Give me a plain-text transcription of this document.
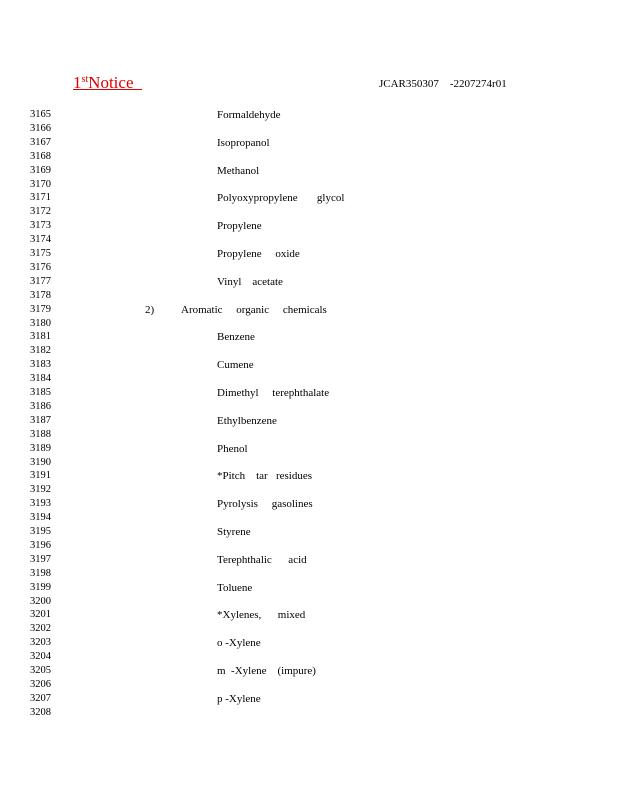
1stNotice	JCAR350307    -2207274r01
3165
3166
3167
3168
3169
3170
3171
3172
3173
3174
3175
3176
3177
3178
3179
3180
3181
3182
3183
3184
3185
3186
3187
3188
3189
3190
3191
3192
3193
3194
3195
3196
3197
3198
3199
3200
3201
3202
3203
3204
3205
3206
3207
3208
Formaldehyde
Isopropanol
Methanol
Polyoxypropylene       glycol
Propylene
Propylene     oxide
Vinyl    acetate
2) Aromatic     organic     chemicals
Benzene
Cumene
Dimethyl     terephthalate
Ethylbenzene
Phenol
*Pitch    tar   residues
Pyrolysis     gasolines
Styrene
Terephthalic      acid
Toluene
*Xylenes,      mixed
o -Xylene
m  -Xylene    (impure)
p -Xylene
